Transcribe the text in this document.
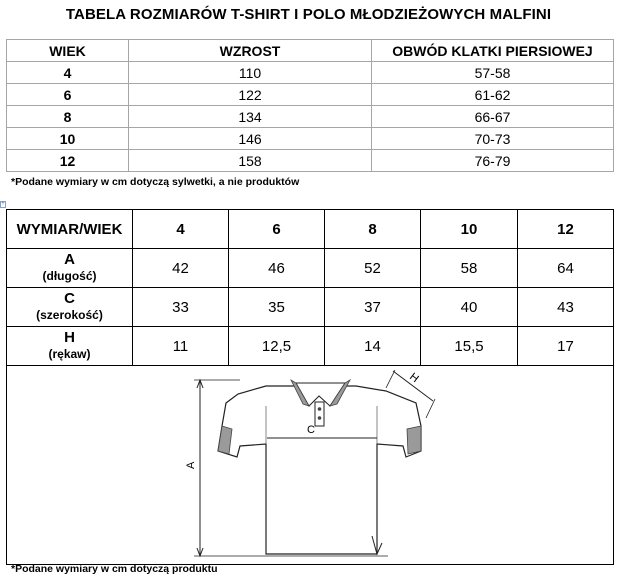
TABELA ROZMIARÓW T-SHIRT I POLO MŁODZIEŻOWYCH MALFINI
WIEK	WZROST	OBWÓD KLATKI PIERSIOWEJ
4	110	57-58
6	122	61-62
8	134	66-67
10	146	70-73
12	158	76-79
*Podane wymiary w cm dotyczą sylwetki, a nie produktów
+
WYMIAR/WIEK	4	6	8	10	12
A
(długość)	42	46	52	58	64
C
(szerokość)	33	35	37	40	43
H
(rękaw)	11	12,5	14	15,5	17

C
A
H					
*Podane wymiary w cm dotyczą produktu
